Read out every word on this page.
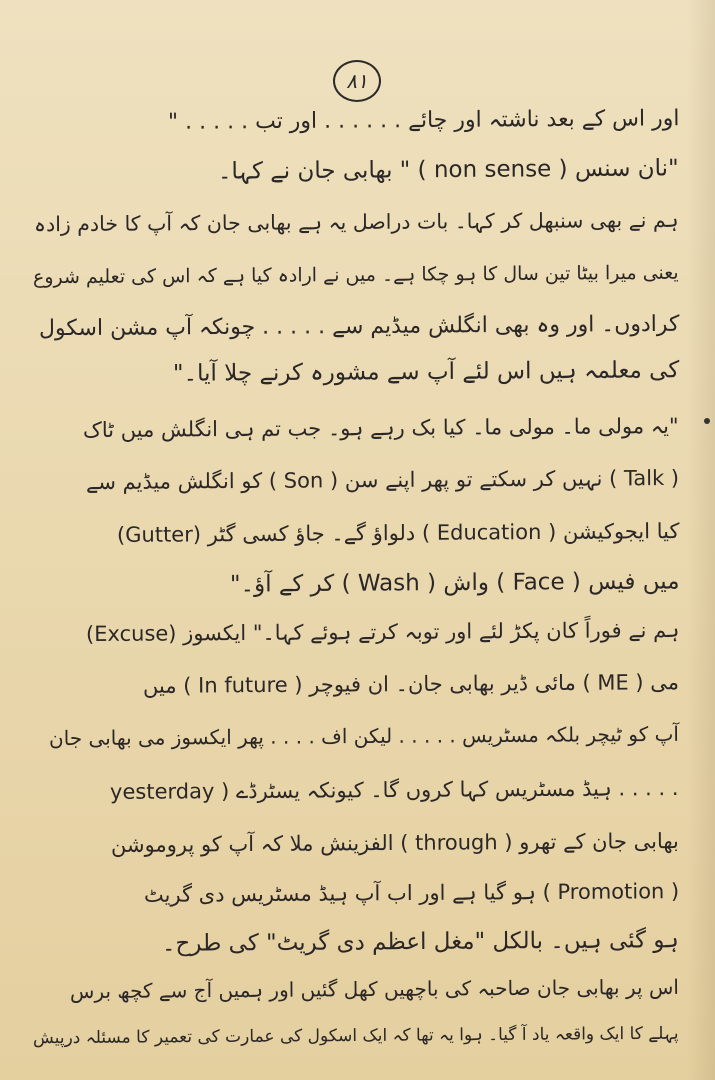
۸۱
اور اس کے بعد ناشتہ اور چائے . . . . . . اور تب . . . . . "
"نان سنس ( non sense ) " بھابی جان نے کہا۔
ہم نے بھی سنبھل کر کہا۔ بات دراصل یہ ہے بھابی جان کہ آپ کا خادم زادہ
یعنی میرا بیٹا تین سال کا ہو چکا ہے۔ میں نے ارادہ کیا ہے کہ اس کی تعلیم شروع
کرادوں۔ اور وہ بھی انگلش میڈیم سے . . . . . چونکہ آپ مشن اسکول
کی معلمہ ہیں اس لئے آپ سے مشورہ کرنے چلا آیا۔"
"یہ مولی ما۔ مولی ما۔ کیا بک رہے ہو۔ جب تم ہی انگلش میں ٹاک
( Talk ) نہیں کر سکتے تو پھر اپنے سن ( Son ) کو انگلش میڈیم سے
کیا ایجوکیشن ( Education ) دلواؤ گے۔ جاؤ کسی گٹر (Gutter)
میں فیس ( Face ) واش ( Wash ) کر کے آؤ۔"
ہم نے فوراً کان پکڑ لئے اور توبہ کرتے ہوئے کہا۔" ایکسوز (Excuse)
می ( ME ) مائی ڈیر بھابی جان۔ ان فیوچر ( In future ) میں
آپ کو ٹیچر بلکہ مسٹریس . . . . . لیکن اف . . . . پھر ایکسوز می بھابی جان
. . . . . ہیڈ مسٹریس کہا کروں گا۔ کیونکہ یسٹرڈے ( yesterday
بھابی جان کے تھرو ( through ) الفزینش ملا کہ آپ کو پروموشن
( Promotion ) ہو گیا ہے اور اب آپ ہیڈ مسٹریس دی گریٹ
ہو گئی ہیں۔ بالکل "مغل اعظم دی گریٹ" کی طرح۔
اس پر بھابی جان صاحبہ کی باچھیں کھل گئیں اور ہمیں آج سے کچھ برس
پہلے کا ایک واقعہ یاد آ گیا۔ ہوا یہ تھا کہ ایک اسکول کی عمارت کی تعمیر کا مسئلہ درپیش
